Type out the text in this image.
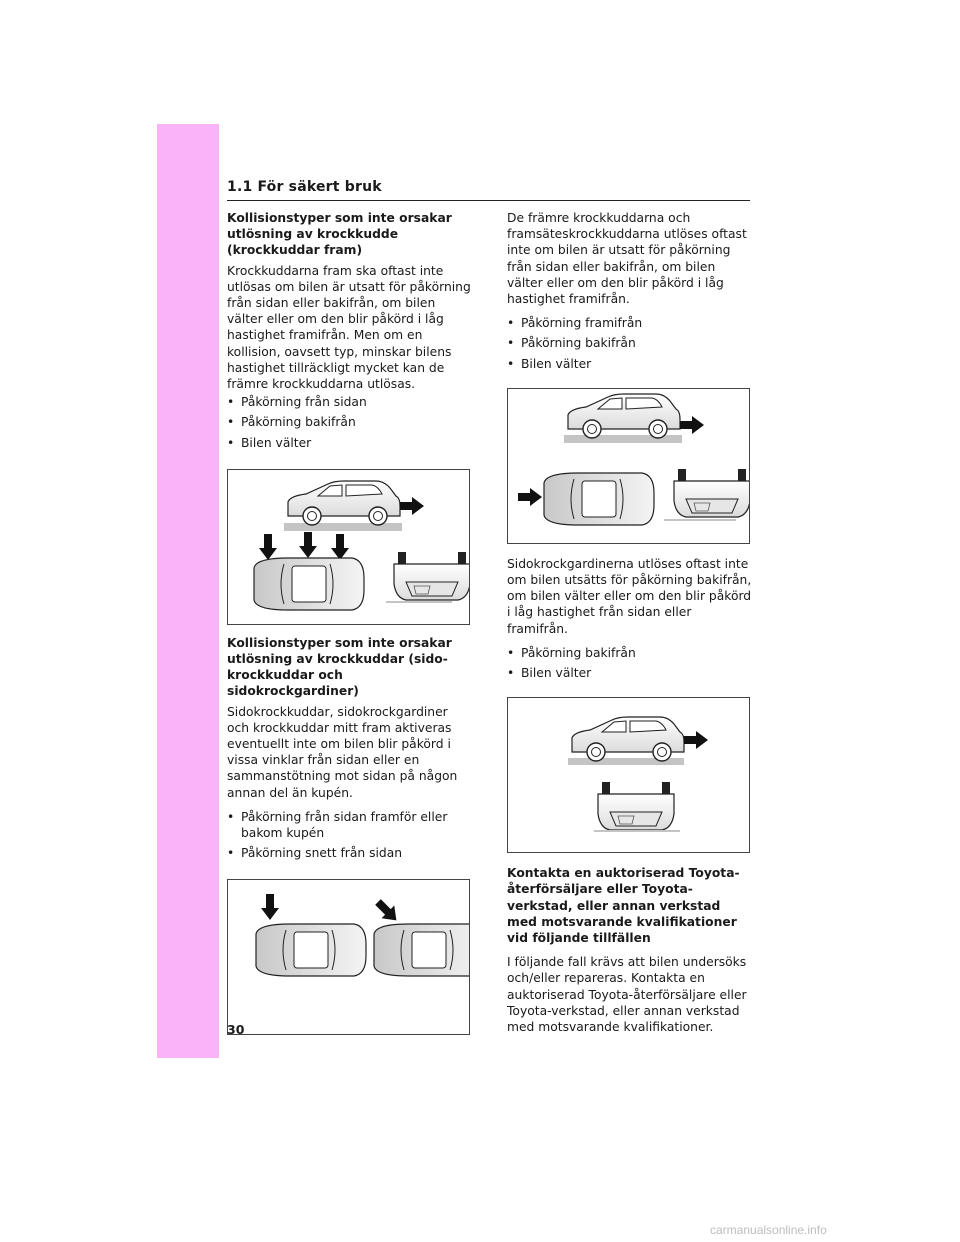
1.1 För säkert bruk
Kollisionstyper som inte orsakar utlösning av krockkudde (krockkuddar fram)

Krockkuddarna fram ska oftast inte utlösas om bilen är utsatt för påkörning från sidan eller bakifrån, om bilen välter eller om den blir påkörd i låg hastighet framifrån. Men om en kollision, oavsett typ, minskar bilens hastighet tillräckligt mycket kan de främre krockkuddarna utlösas.

• Påkörning från sidan
• Påkörning bakifrån
• Bilen välter
Kollisionstyper som inte orsakar utlösning av krockkuddar (sido-krockkuddar och sidokrockgardiner)

Sidokrockkuddar, sidokrockgardiner och krockkuddar mitt fram aktiveras eventuellt inte om bilen blir påkörd i vissa vinklar från sidan eller en sammanstötning mot sidan på någon annan del än kupén.

• Påkörning från sidan framför eller bakom kupén
• Påkörning snett från sidan

De främre krockkuddarna och framsäteskrockkuddarna utlöses oftast inte om bilen är utsatt för påkörning från sidan eller bakifrån, om bilen välter eller om den blir påkörd i låg hastighet framifrån.

• Påkörning framifrån
• Påkörning bakifrån
• Bilen välter

Sidokrockgardinerna utlöses oftast inte om bilen utsätts för påkörning bakifrån, om bilen välter eller om den blir påkörd i låg hastighet från sidan eller framifrån.

• Påkörning bakifrån
• Bilen välter
Kontakta en auktoriserad Toyota-återförsäljare eller Toyota-verkstad, eller annan verkstad med motsvarande kvalifikationer vid följande tillfällen

I följande fall krävs att bilen undersöks och/eller repareras. Kontakta en auktoriserad Toyota-återförsäljare eller Toyota-verkstad, eller annan verkstad med motsvarande kvalifikationer.

30
carmanualsonline.info
